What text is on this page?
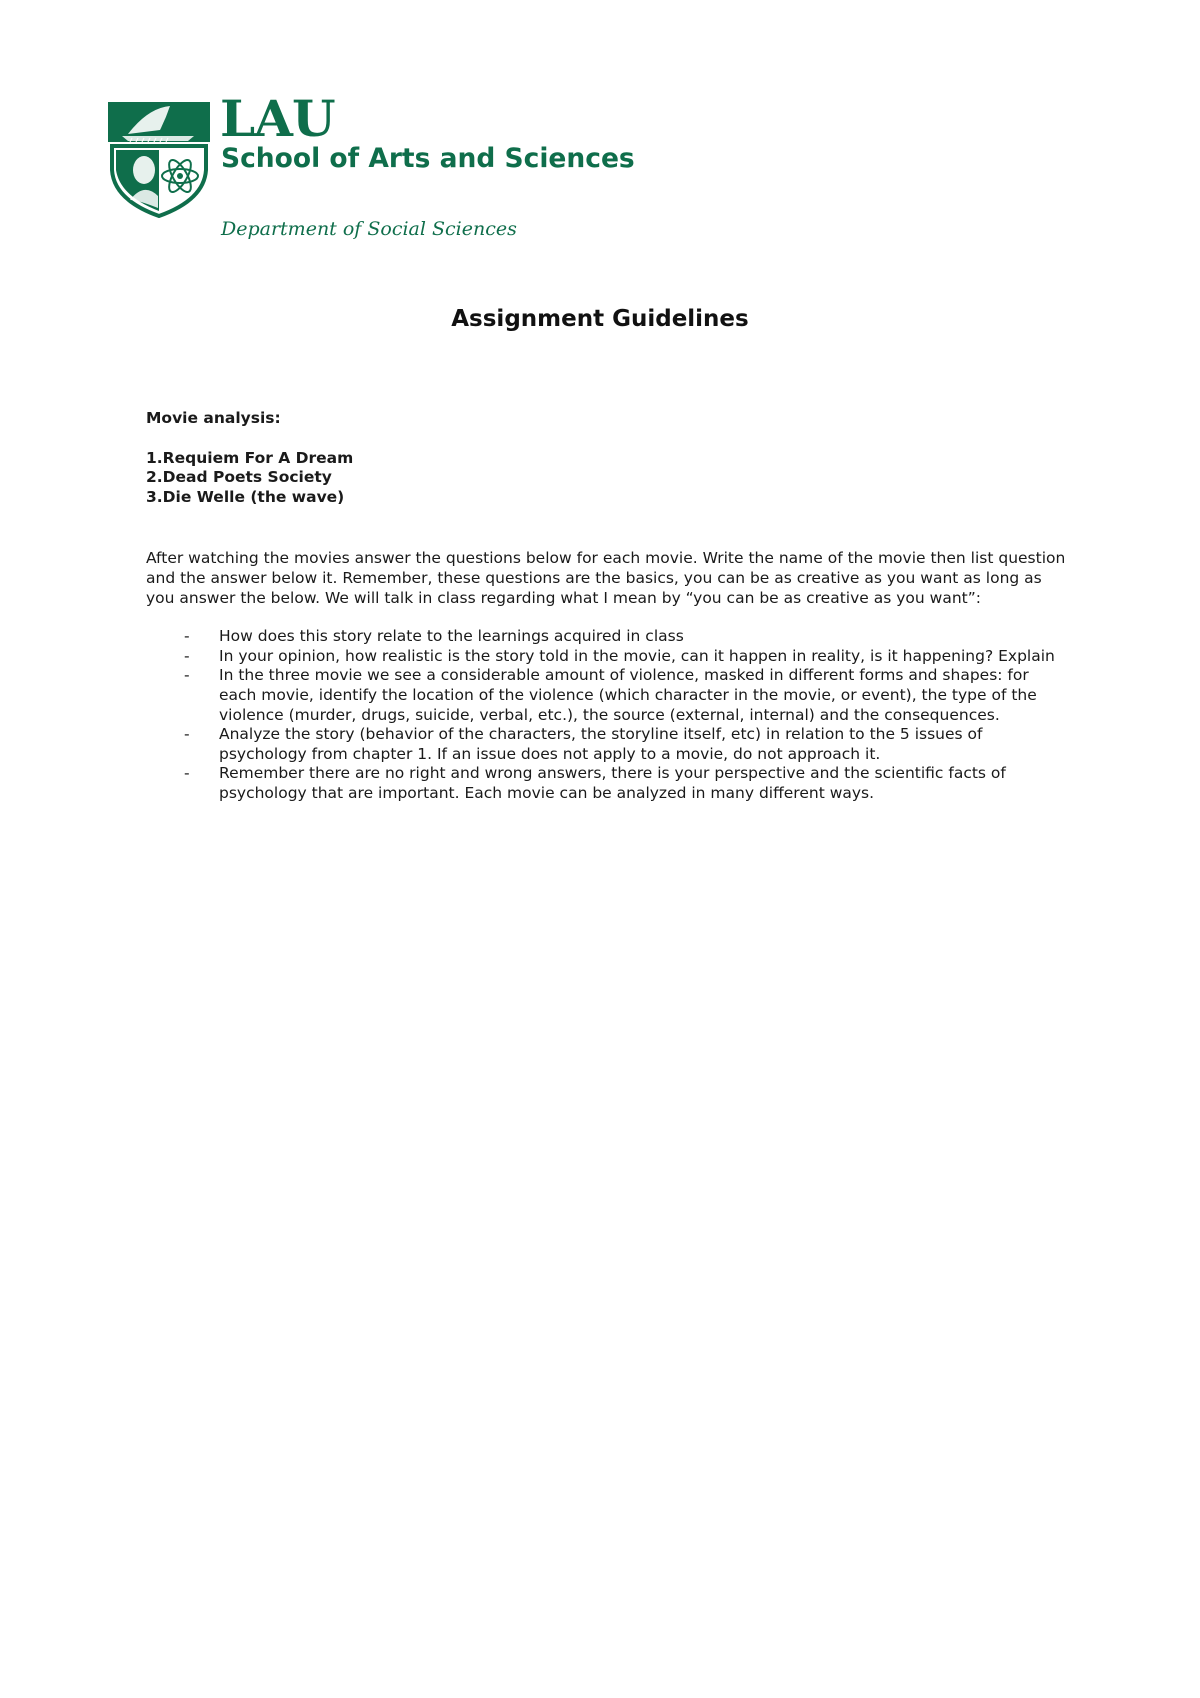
LAU
School of Arts and Sciences
Department of Social Sciences
Assignment Guidelines

Movie analysis:

1.Requiem For A Dream
2.Dead Poets Society
3.Die Welle (the wave)

After watching the movies answer the questions below for each movie. Write the name of the movie then list question and the answer below it. Remember, these questions are the basics, you can be as creative as you want as long as you answer the below. We will talk in class regarding what I mean by “you can be as creative as you want”:

- How does this story relate to the learnings acquired in class
- In your opinion, how realistic is the story told in the movie, can it happen in reality, is it happening? Explain
- In the three movie we see a considerable amount of violence, masked in different forms and shapes: for each movie, identify the location of the violence (which character in the movie, or event), the type of the violence (murder, drugs, suicide, verbal, etc.), the source (external, internal) and the consequences.
- Analyze the story (behavior of the characters, the storyline itself, etc) in relation to the 5 issues of psychology from chapter 1. If an issue does not apply to a movie, do not approach it.
- Remember there are no right and wrong answers, there is your perspective and the scientific facts of psychology that are important. Each movie can be analyzed in many different ways.
